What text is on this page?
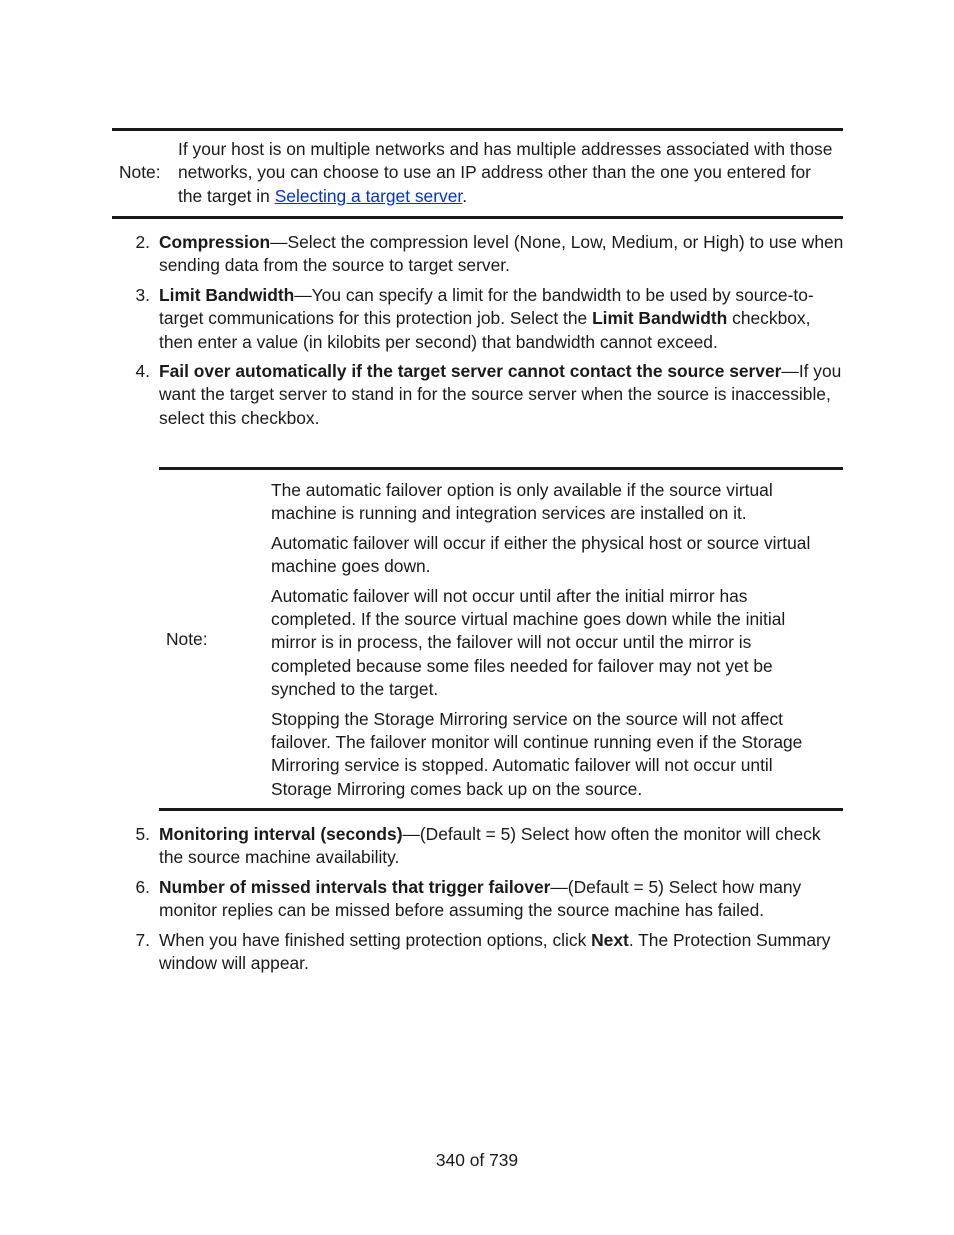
Note:
If your host is on multiple networks and has multiple addresses associated with those networks, you can choose to use an IP address other than the one you entered for the target in Selecting a target server.
2. Compression—Select the compression level (None, Low, Medium, or High) to use when sending data from the source to target server.
3. Limit Bandwidth—You can specify a limit for the bandwidth to be used by source-to-target communications for this protection job. Select the Limit Bandwidth checkbox, then enter a value (in kilobits per second) that bandwidth cannot exceed.
4. Fail over automatically if the target server cannot contact the source server—If you want the target server to stand in for the source server when the source is inaccessible, select this checkbox.
Note:

The automatic failover option is only available if the source virtual machine is running and integration services are installed on it.

Automatic failover will occur if either the physical host or source virtual machine goes down.

Automatic failover will not occur until after the initial mirror has completed. If the source virtual machine goes down while the initial mirror is in process, the failover will not occur until the mirror is completed because some files needed for failover may not yet be synched to the target.

Stopping the Storage Mirroring service on the source will not affect failover. The failover monitor will continue running even if the Storage Mirroring service is stopped. Automatic failover will not occur until Storage Mirroring comes back up on the source.

5. Monitoring interval (seconds)—(Default = 5) Select how often the monitor will check the source machine availability.
6. Number of missed intervals that trigger failover—(Default = 5) Select how many monitor replies can be missed before assuming the source machine has failed.
7. When you have finished setting protection options, click Next. The Protection Summary window will appear.
340 of 739
